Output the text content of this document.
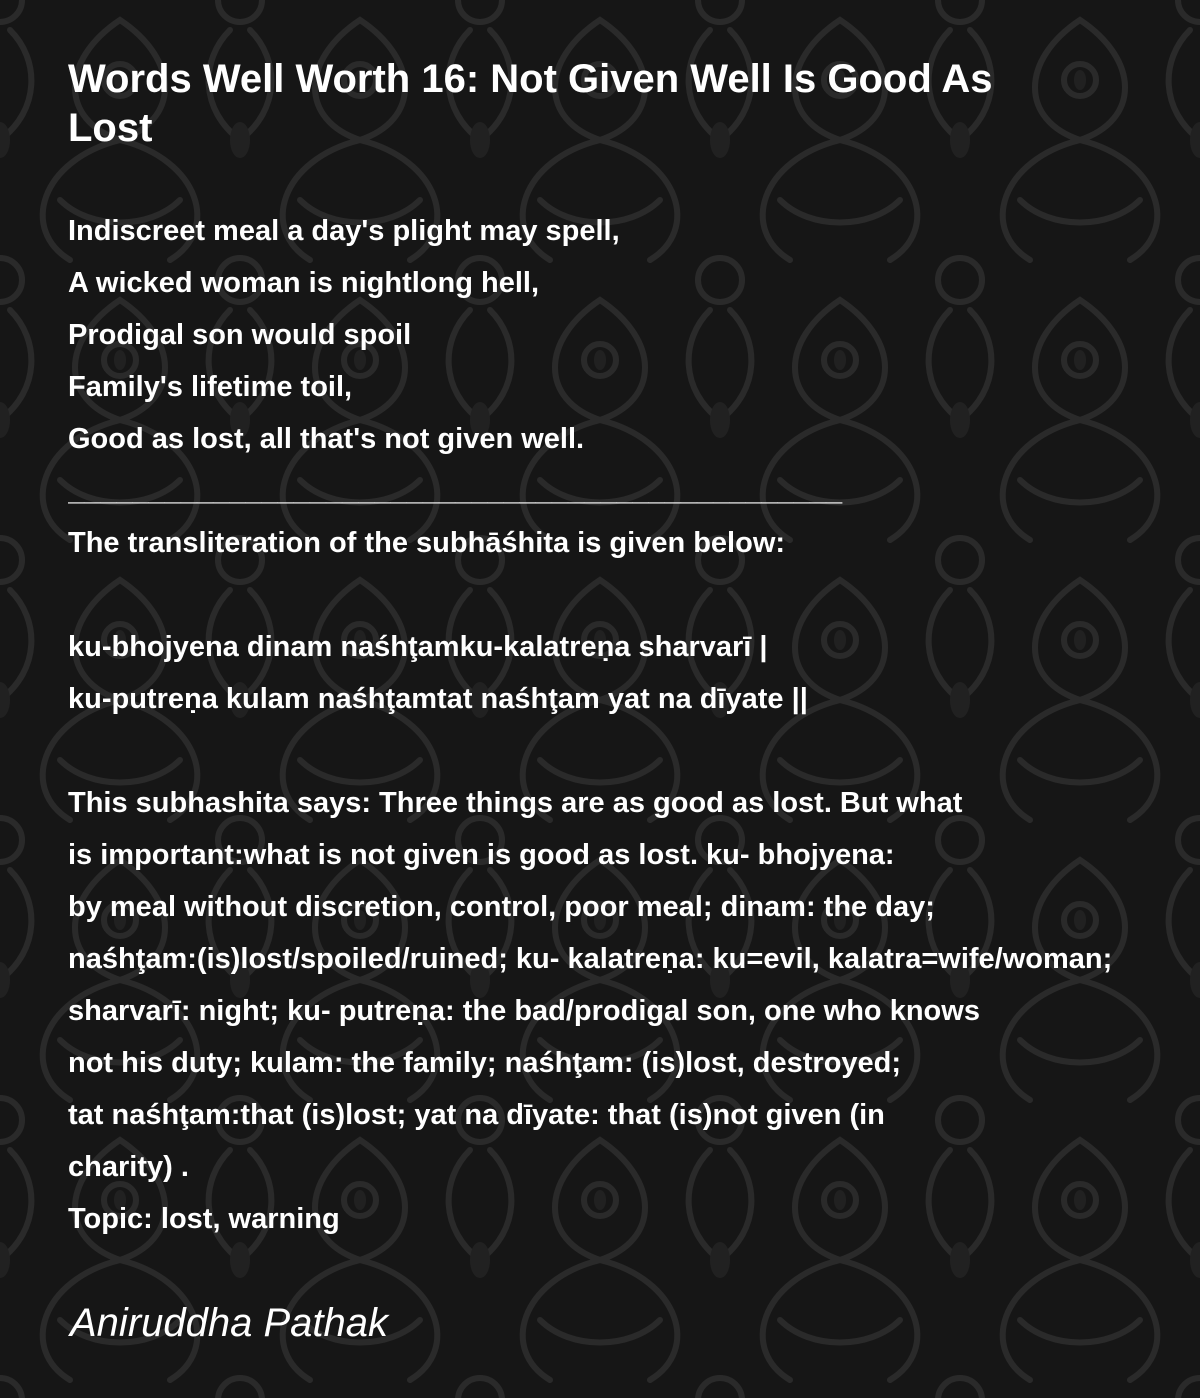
Words Well Worth 16: Not Given Well Is Good As Lost
Indiscreet meal a day's plight may spell,
A wicked woman is nightlong hell,
Prodigal son would spoil
Family's lifetime toil,
Good as lost, all that's not given well.
________________________________________________
The transliteration of the subhāśhita is given below:
ku-bhojyena dinam naśhţamku-kalatreṇa sharvarī |
ku-putreṇa kulam naśhţamtat naśhţam yat na dīyate ||
This subhashita says: Three things are as good as lost. But what
is important:what is not given is good as lost. ku- bhojyena:
by meal without discretion, control, poor meal; dinam: the day;
naśhţam:(is)lost/spoiled/ruined; ku- kalatreṇa: ku=evil, kalatra=wife/woman;
sharvarī: night; ku- putreṇa: the bad/prodigal son, one who knows
not his duty; kulam: the family; naśhţam: (is)lost, destroyed;
tat naśhţam:that (is)lost; yat na dīyate: that (is)not given (in
charity) .
Topic: lost, warning
Aniruddha Pathak
